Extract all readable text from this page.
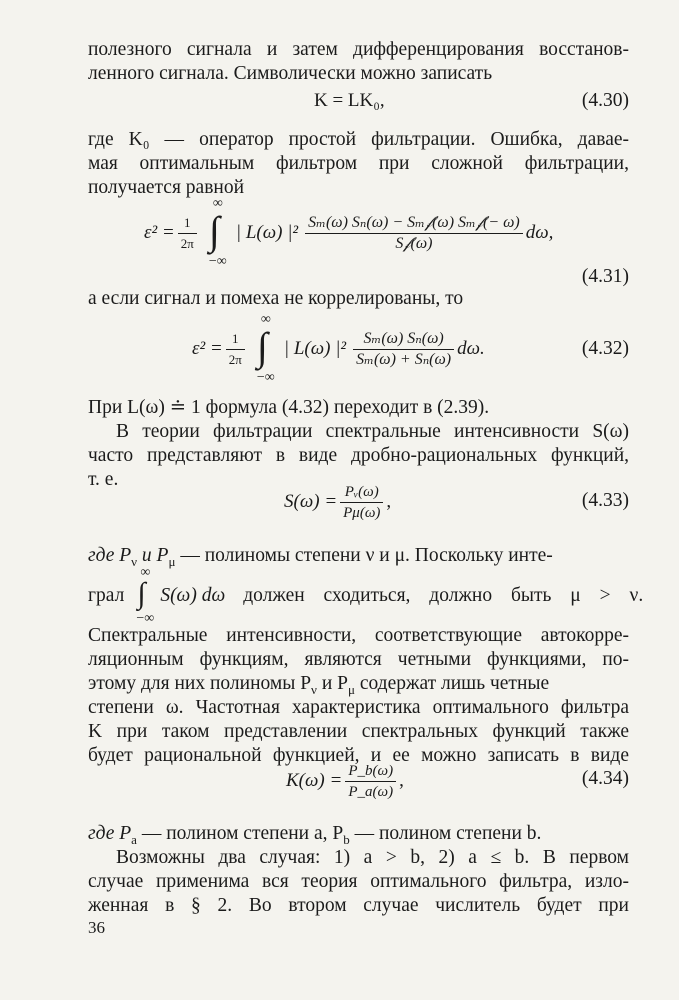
полезного сигнала и затем дифференцирования восстанов-
ленного сигнала. Символически можно записать
K = LK₀,	(4.30)
где K₀ — оператор простой фильтрации. Ошибка, давае-
мая оптимальным фильтром при сложной фильтрации,
получается равной
$\varepsilon^2 = \frac{1}{2\pi}$
∞
∫
−∞
| L(ω) $|^2 \frac{\text{Sₘ(ω) Sₙ(ω) − Sₘ𝒻(ω) Sₘ𝒻(− ω)}}{\text{S𝒻(ω)}} d\omega$,
(4.31)
а если сигнал и помеха не коррелированы, то
$\varepsilon^2 = \frac{1}{2\pi}$
∞
∫
−∞
| L(ω) $|^2 \frac{\text{Sₘ(ω) Sₙ(ω)}}{\text{Sₘ(ω) + Sₙ(ω)}} d\omega$.	(4.32)
При L(ω) ≐ 1 формула (4.32) переходит в (2.39).
В теории фильтрации спектральные интенсивности S(ω)
часто представляют в виде дробно-рациональных функций,
т. е.
$S(\omega) = \frac{\text{Pᵥ(ω)}}{P\mu(\omega)}$ ,	(4.33)
где $P_\nu$ и $P_\mu$ — полиномы степени ν и μ. Поскольку инте-
грал
∞
∫
−∞
S(ω) dω должен сходиться, должно быть μ > ν.
Спектральные интенсивности, соответствующие автокорре-
ляционным функциям, являются четными функциями, по-
этому для них полиномы $P_\nu$ и $P_\mu$ содержат лишь четные
степени ω. Частотная характеристика оптимального фильтра
K при таком представлении спектральных функций также
будет рациональной функцией, и ее можно записать в виде
$K(\omega) = \frac{P\_b(\omega)}{P\_a(\omega)}$ ,	(4.34)
где $P_a$ — полином степени a, $P_b$ — полином степени b.
Возможны два случая: 1) a > b, 2) a ≤ b. В первом
случае применима вся теория оптимального фильтра, изло-
женная в § 2. Во втором случае числитель будет при
36
